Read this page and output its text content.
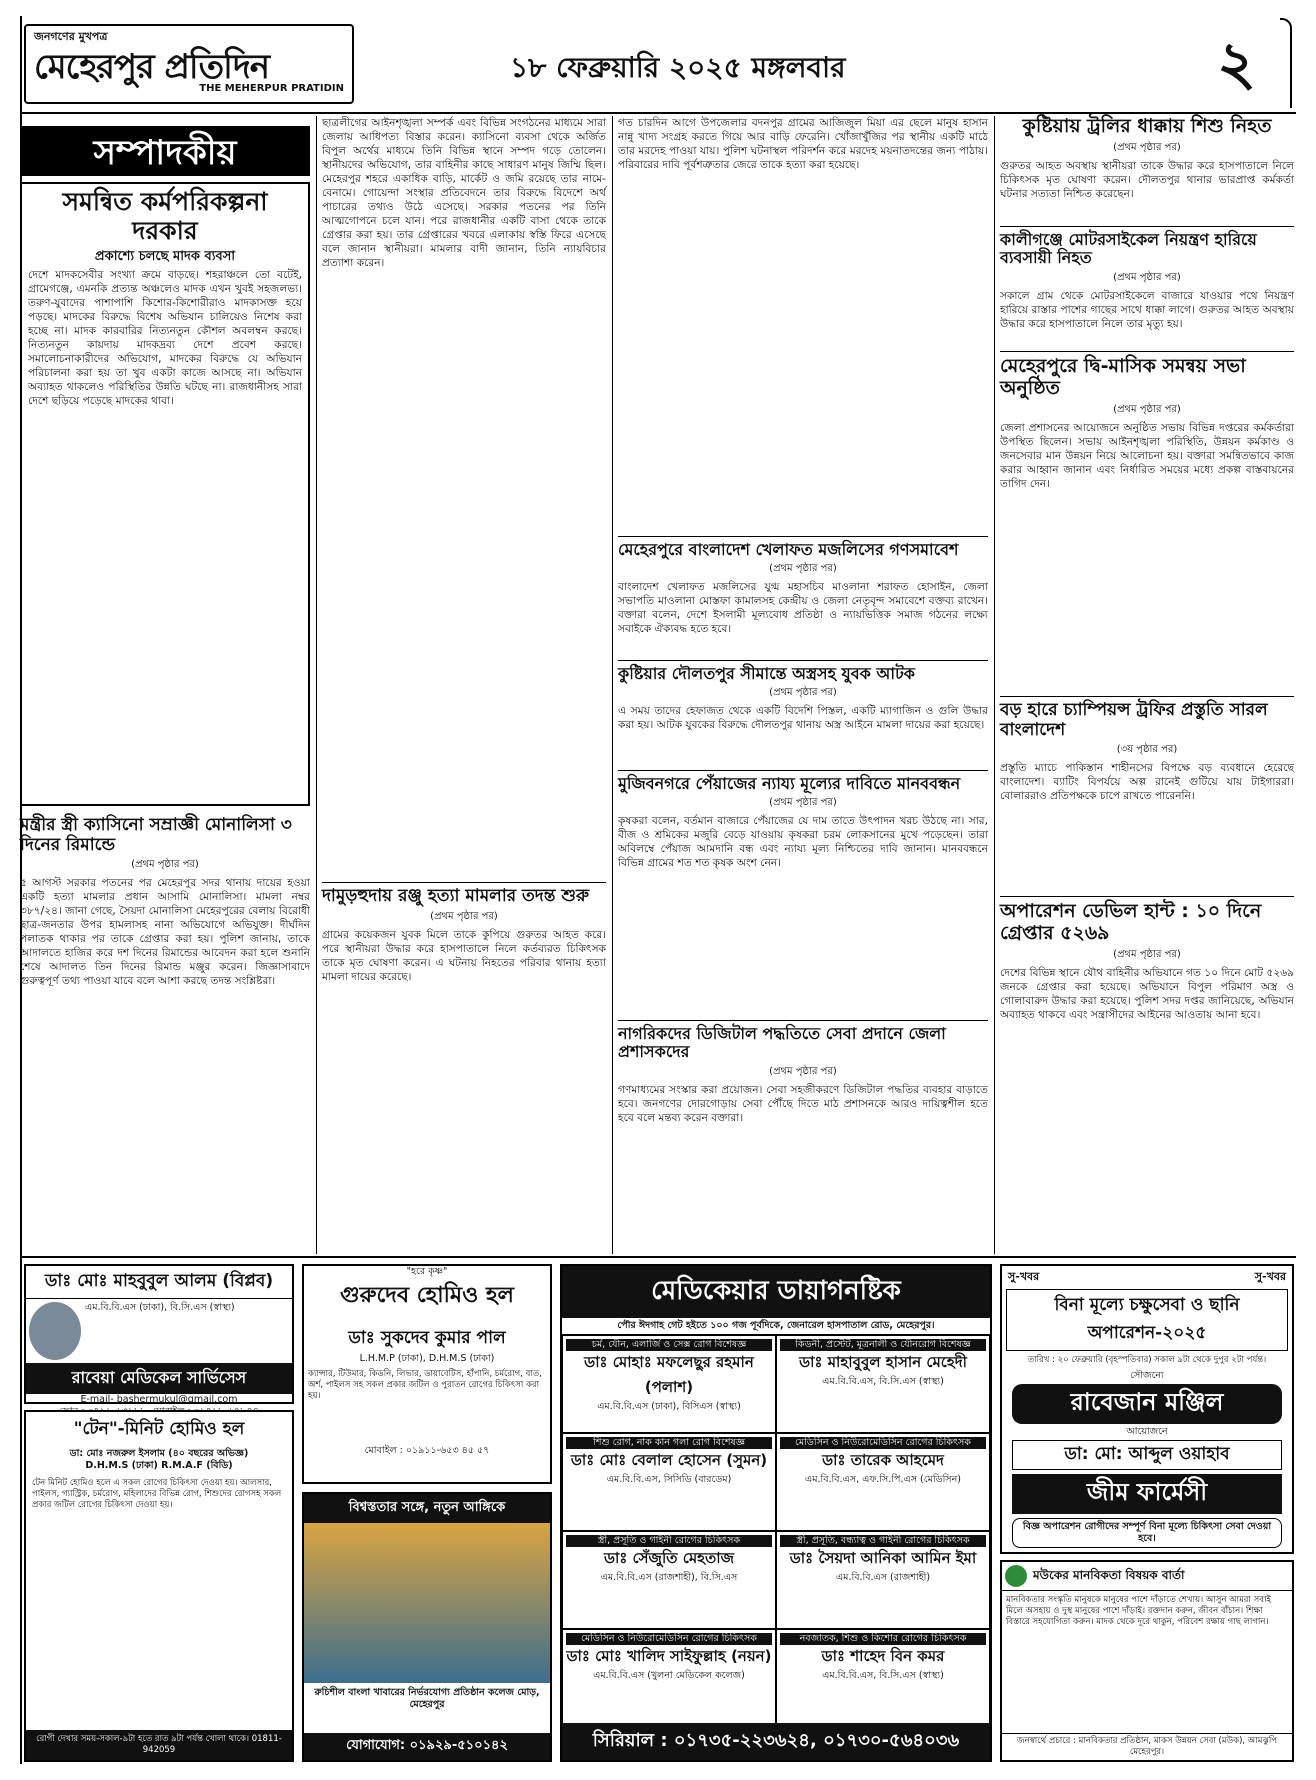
জনগণের মুখপত্র
মেহেরপুর প্রতিদিন
THE MEHERPUR PRATIDIN
১৮ ফেব্রুয়ারি ২০২৫ মঙ্গলবার	২
সম্পাদকীয়
সমন্বিত কর্মপরিকল্পনা দরকার
প্রকাশ্যে চলছে মাদক ব্যবসা
দেশে মাদকসেবীর সংখ্যা ক্রমে বাড়ছে। শহরাঞ্চলে তো বটেই, গ্রামেগঞ্জে, এমনকি প্রত্যন্ত অঞ্চলেও মাদক এখন খুবই সহজলভ্য। তরুণ-যুবাদের পাশাপাশি কিশোর-কিশোরীরাও মাদকাসক্ত হয়ে পড়ছে। মাদকের বিরুদ্ধে বিশেষ অভিযান চালিয়েও নিশেষ করা হচ্ছে না। মাদক কারবারির নিত্যনতুন কৌশল অবলম্বন করছে। নিত্যনতুন কায়দায় মাদকদ্রব্য দেশে প্রবেশ করছে। সমালোচনাকারীদের অভিযোগ, মাদকের বিরুদ্ধে যে অভিযান পরিচালনা করা হয় তা খুব একটা কাজে আসছে না। অভিযান অব্যাহত থাকলেও পরিস্থিতির উন্নতি ঘটছে না। রাজধানীসহ সারা দেশে ছড়িয়ে পড়েছে মাদকের থাবা।
মন্ত্রীর স্ত্রী ক্যাসিনো সম্রাজ্ঞী মোনালিসা ৩ দিনের রিমান্ডে
(প্রথম পৃষ্ঠার পর)
৫ আগস্ট সরকার পতনের পর মেহেরপুর সদর থানায় দায়ের হওয়া একটি হত্যা মামলার প্রধান আসামি মোনালিসা। মামলা নম্বর ৩৮৭/২৪। জানা গেছে, সৈয়দা মোনালিসা মেহেরপুরের বেলায় বিরোধী ছাত্র-জনতার উপর হামলাসহ নানা অভিযোগে অভিযুক্ত। দীর্ঘদিন পলাতক থাকার পর তাকে গ্রেপ্তার করা হয়। পুলিশ জানায়, তাকে আদালতে হাজির করে দশ দিনের রিমান্ডের আবেদন করা হলে শুনানি শেষে আদালত তিন দিনের রিমান্ড মঞ্জুর করেন। জিজ্ঞাসাবাদে গুরুত্বপূর্ণ তথ্য পাওয়া যাবে বলে আশা করছে তদন্ত সংশ্লিষ্টরা।
ছাত্রলীগের আইনশৃঙ্খলা সম্পর্ক এবং বিভিন্ন সংগঠনের মাধ্যমে সারা জেলায় আধিপত্য বিস্তার করেন। ক্যাসিনো ব্যবসা থেকে অর্জিত বিপুল অর্থের মাধ্যমে তিনি বিভিন্ন স্থানে সম্পদ গড়ে তোলেন। স্থানীয়দের অভিযোগ, তার বাহিনীর কাছে সাধারণ মানুষ জিম্মি ছিল। মেহেরপুর শহরে একাধিক বাড়ি, মার্কেট ও জমি রয়েছে তার নামে-বেনামে। গোয়েন্দা সংস্থার প্রতিবেদনে তার বিরুদ্ধে বিদেশে অর্থ পাচারের তথ্যও উঠে এসেছে। সরকার পতনের পর তিনি আত্মগোপনে চলে যান। পরে রাজধানীর একটি বাসা থেকে তাকে গ্রেপ্তার করা হয়। তার গ্রেপ্তারের খবরে এলাকায় স্বস্তি ফিরে এসেছে বলে জানান স্থানীয়রা। মামলার বাদী জানান, তিনি ন্যায়বিচার প্রত্যাশা করেন।
দামুড়হুদায় রঞ্জু হত্যা মামলার তদন্ত শুরু
(প্রথম পৃষ্ঠার পর)
গ্রামের কয়েকজন যুবক মিলে তাকে কুপিয়ে গুরুতর আহত করে। পরে স্থানীয়রা উদ্ধার করে হাসপাতালে নিলে কর্তব্যরত চিকিৎসক তাকে মৃত ঘোষণা করেন। এ ঘটনায় নিহতের পরিবার থানায় হত্যা মামলা দায়ের করেছে।
গত চারদিন আগে উপজেলার বদনপুর গ্রামের আজিজুল মিয়া এর ছেলে মানুষ হাসান নান্নু খাদ্য সংগ্রহ করতে গিয়ে আর বাড়ি ফেরেনি। খোঁজাখুঁজির পর স্থানীয় একটি মাঠে তার মরদেহ পাওয়া যায়। পুলিশ ঘটনাস্থল পরিদর্শন করে মরদেহ ময়নাতদন্তের জন্য পাঠায়। পরিবারের দাবি পূর্বশত্রুতার জেরে তাকে হত্যা করা হয়েছে।
মেহেরপুরে বাংলাদেশ খেলাফত মজলিসের গণসমাবেশ
(প্রথম পৃষ্ঠার পর)
বাংলাদেশ খেলাফত মজলিসের যুগ্ম মহাসচিব মাওলানা শরাফত হোসাইন, জেলা সভাপতি মাওলানা মোস্তফা কামালসহ কেন্দ্রীয় ও জেলা নেতৃবৃন্দ সমাবেশে বক্তব্য রাখেন। বক্তারা বলেন, দেশে ইসলামী মূল্যবোধ প্রতিষ্ঠা ও ন্যায়ভিত্তিক সমাজ গঠনের লক্ষ্যে সবাইকে ঐক্যবদ্ধ হতে হবে।
কুষ্টিয়ার দৌলতপুর সীমান্তে অস্ত্রসহ যুবক আটক
(প্রথম পৃষ্ঠার পর)
এ সময় তাদের হেফাজত থেকে একটি বিদেশি পিস্তল, একটি ম্যাগাজিন ও গুলি উদ্ধার করা হয়। আটক যুবকের বিরুদ্ধে দৌলতপুর থানায় অস্ত্র আইনে মামলা দায়ের করা হয়েছে।
মুজিবনগরে পেঁয়াজের ন্যায্য মূল্যের দাবিতে মানববন্ধন
(প্রথম পৃষ্ঠার পর)
কৃষকরা বলেন, বর্তমান বাজারে পেঁয়াজের যে দাম তাতে উৎপাদন খরচ উঠছে না। সার, বীজ ও শ্রমিকের মজুরি বেড়ে যাওয়ায় কৃষকরা চরম লোকসানের মুখে পড়েছেন। তারা অবিলম্বে পেঁয়াজ আমদানি বন্ধ এবং ন্যায্য মূল্য নিশ্চিতের দাবি জানান। মানববন্ধনে বিভিন্ন গ্রামের শত শত কৃষক অংশ নেন।
নাগরিকদের ডিজিটাল পদ্ধতিতে সেবা প্রদানে জেলা প্রশাসকদের
(প্রথম পৃষ্ঠার পর)
গণমাধ্যমের সংস্কার করা প্রয়োজন। সেবা সহজীকরণে ডিজিটাল পদ্ধতির ব্যবহার বাড়াতে হবে। জনগণের দোরগোড়ায় সেবা পৌঁছে দিতে মাঠ প্রশাসনকে আরও দায়িত্বশীল হতে হবে বলে মন্তব্য করেন বক্তারা।
কুষ্টিয়ায় ট্রলির ধাক্কায় শিশু নিহত
(প্রথম পৃষ্ঠার পর)
গুরুতর আহত অবস্থায় স্থানীয়রা তাকে উদ্ধার করে হাসপাতালে নিলে চিকিৎসক মৃত ঘোষণা করেন। দৌলতপুর থানার ভারপ্রাপ্ত কর্মকর্তা ঘটনার সত্যতা নিশ্চিত করেছেন।
কালীগঞ্জে মোটরসাইকেল নিয়ন্ত্রণ হারিয়ে ব্যবসায়ী নিহত
(প্রথম পৃষ্ঠার পর)
সকালে গ্রাম থেকে মোটরসাইকেলে বাজারে যাওয়ার পথে নিয়ন্ত্রণ হারিয়ে রাস্তার পাশের গাছের সাথে ধাক্কা লাগে। গুরুতর আহত অবস্থায় উদ্ধার করে হাসপাতালে নিলে তার মৃত্যু হয়।
মেহেরপুরে দ্বি-মাসিক সমন্বয় সভা অনুষ্ঠিত
(প্রথম পৃষ্ঠার পর)
জেলা প্রশাসনের আয়োজনে অনুষ্ঠিত সভায় বিভিন্ন দপ্তরের কর্মকর্তারা উপস্থিত ছিলেন। সভায় আইনশৃঙ্খলা পরিস্থিতি, উন্নয়ন কর্মকাণ্ড ও জনসেবার মান উন্নয়ন নিয়ে আলোচনা হয়। বক্তারা সমন্বিতভাবে কাজ করার আহ্বান জানান এবং নির্ধারিত সময়ের মধ্যে প্রকল্প বাস্তবায়নের তাগিদ দেন।
বড় হারে চ্যাম্পিয়ন্স ট্রফির প্রস্তুতি সারল বাংলাদেশ
(৩য় পৃষ্ঠার পর)
প্রস্তুতি ম্যাচে পাকিস্তান শাহীনসের বিপক্ষে বড় ব্যবধানে হেরেছে বাংলাদেশ। ব্যাটিং বিপর্যয়ে অল্প রানেই গুটিয়ে যায় টাইগাররা। বোলাররাও প্রতিপক্ষকে চাপে রাখতে পারেননি।
অপারেশন ডেভিল হান্ট : ১০ দিনে গ্রেপ্তার ৫২৬৯
(প্রথম পৃষ্ঠার পর)
দেশের বিভিন্ন স্থানে যৌথ বাহিনীর অভিযানে গত ১০ দিনে মোট ৫২৬৯ জনকে গ্রেপ্তার করা হয়েছে। অভিযানে বিপুল পরিমাণ অস্ত্র ও গোলাবারুদ উদ্ধার করা হয়েছে। পুলিশ সদর দপ্তর জানিয়েছে, অভিযান অব্যাহত থাকবে এবং সন্ত্রাসীদের আইনের আওতায় আনা হবে।
ডাঃ মোঃ মাহবুবুল আলম (বিপ্লব)
এম.বি.বি.এস (ঢাকা), বি.সি.এস (স্বাস্থ্য)
রাবেয়া মেডিকেল সার্ভিসেস
E-mail- bashermukul@gmail.com
"টেন"-মিনিট হোমিও হল
ডা: মোঃ নজরুল ইসলাম (৪০ বছরের অভিজ্ঞ)
D.H.M.S (ঢাকা) R.M.A.F (বিডি)
টেন মিনিট হোমিও হলে এ সকল রোগের চিকিৎসা দেওয়া হয়। আলসার, পাইলস, গ্যাস্ট্রিক, চর্মরোগ, মহিলাদের বিভিন্ন রোগ, শিশুদের রোগসহ সকল প্রকার জটিল রোগের চিকিৎসা দেওয়া হয়।
রোগী দেখার সময়-সকাল-৯টা হতে রাত ৯টা পর্যন্ত খোলা থাকে। 01811-942059
"হরে কৃষ্ণ"
গুরুদেব হোমিও হল
ডাঃ সুকদেব কুমার পাল
L.H.M.P (ঢাকা), D.H.M.S (ঢাকা)
ক্যান্সার, টিউমার, কিডনি, লিভার, ডায়াবেটিস, হাঁপানি, চর্মরোগ, বাত, অর্শ, পাইলস সহ সকল প্রকার জটিল ও পুরাতন রোগের চিকিৎসা করা হয়।
মোবাইল : ০১৯১১-৬৫৩ ৪৫ ৫৭
বিশ্বস্ততার সঙ্গে, নতুন আঙ্গিকে
রুচিশীল বাংলা খাবারের নির্ভরযোগ্য প্রতিষ্ঠান কলেজ মোড়, মেহেরপুর
যোগাযোগ: ০১৯২৯-৫১০১৪২
মেডিকেয়ার ডায়াগনষ্টিক
পৌর ঈদগাহ গেট হইতে ১০০ গজ পূর্বদিকে, জেনারেল হাসপাতাল রোড, মেহেরপুর।
চর্ম, যৌন, এলার্জি ও সেক্স রোগ বিশেষজ্ঞ
ডাঃ মোহাঃ মফলেছুর রহমান (পলাশ)
এম.বি.বি.এস (ঢাকা), বিসিএস (স্বাস্থ্য)
কিডনী, প্রস্টেট, মূত্রনালী ও যৌনরোগ বিশেষজ্ঞ
ডাঃ মাহাবুবুল হাসান মেহেদী
এম.বি.বি.এস, বি.সি.এস (স্বাস্থ্য)
শিশু রোগ, নাক কান গলা রোগ বিশেষজ্ঞ
ডাঃ মোঃ বেলাল হোসেন (সুমন)
এম.বি.বি.এস, সিসিডি (বারডেম)
মেডিসিন ও নিউরোমেডিসিন রোগের চিকিৎসক
ডাঃ তারেক আহমেদ
এম.বি.বি.এস, এফ.সি.পি.এস (মেডিসিন)
স্ত্রী, প্রসূতি ও গাইনী রোগের চিকিৎসক
ডাঃ সেঁজুতি মেহতাজ
এম.বি.বি.এস (রাজশাহী), বি.সি.এস
স্ত্রী, প্রসূতি, বন্ধ্যাত্ব ও গাইনী রোগের চিকিৎসক
ডাঃ সৈয়দা আনিকা আমিন ইমা
এম.বি.বি.এস (রাজশাহী)
মেডিসিন ও নিউরোমেডিসিন রোগের চিকিৎসক
ডাঃ মোঃ খালিদ সাইফুল্লাহ (নয়ন)
এম.বি.বি.এস (খুলনা মেডিকেল কলেজ)
নবজাতক, শিশু ও কিশোর রোগের চিকিৎসক
ডাঃ শাহেদ বিন কমর
এম.বি.বি.এস, বি.সি.এস (স্বাস্থ্য)
সিরিয়াল : ০১৭৩৫-২২৩৬২৪, ০১৭৩০-৫৬৪০৩৬
সু-খবর	সু-খবর
বিনা মূল্যে চক্ষুসেবা ও ছানি অপারেশন-২০২৫
তারিখ : ২০ ফেব্রুয়ারি (বৃহস্পতিবার) সকাল ৯টা থেকে দুপুর ২টা পর্যন্ত।
সৌজন্যে
রাবেজান মঞ্জিল
আয়োজনে
ডা: মো: আব্দুল ওয়াহাব
জীম ফার্মেসী
বিজ্ঞ অপারেশন রোগীদের সম্পূর্ণ বিনা মূল্যে চিকিৎসা সেবা দেওয়া হবে।
মউকের মানবিকতা বিষয়ক বার্তা
মানবিকতার সংস্কৃতি মানুষকে মানুষের পাশে দাঁড়াতে শেখায়। আসুন আমরা সবাই মিলে অসহায় ও দুস্থ মানুষের পাশে দাঁড়াই। রক্তদান করুন, জীবন বাঁচান। শিক্ষা বিস্তারে সহযোগিতা করুন। মাদক থেকে দূরে থাকুন, পরিবেশ রক্ষায় গাছ লাগান।
জনস্বার্থে প্রচারে : মানবিকতার প্রতিষ্ঠান, মাকস উন্নয়ন সেবা (মউক), আমঝুপি মেহেরপুর।
